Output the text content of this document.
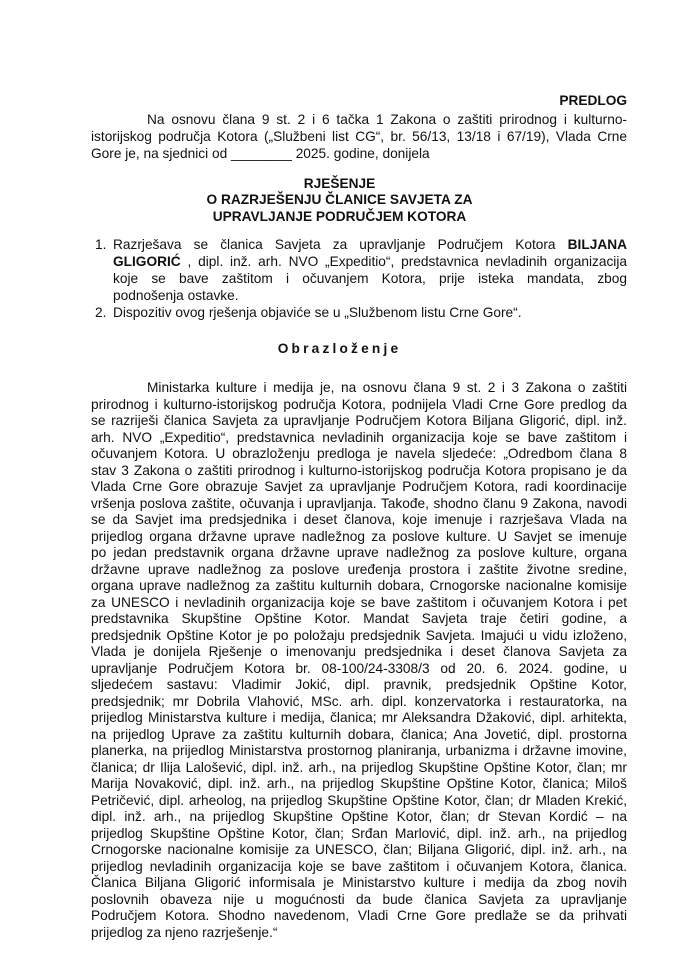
PREDLOG
Na osnovu člana 9 st. 2 i 6 tačka 1 Zakona o zaštiti prirodnog i kulturno-
istorijskog područja Kotora („Službeni list CG“, br. 56/13, 13/18 i 67/19), Vlada Crne
Gore je, na sjednici od ________ 2025. godine, donijela
RJEŠENJE
O RAZRJEŠENJU ČLANICE SAVJETA ZA
UPRAVLJANJE PODRUČJEM KOTORA
1. Razrješava se članica Savjeta za upravljanje Područjem Kotora BILJANA
GLIGORIĆ , dipl. inž. arh. NVO „Expeditio“, predstavnica nevladinih organizacija
koje se bave zaštitom i očuvanjem Kotora, prije isteka mandata, zbog
podnošenja ostavke.
2. Dispozitiv ovog rješenja objaviće se u „Službenom listu Crne Gore“.
Obrazloženje
Ministarka kulture i medija je, na osnovu člana 9 st. 2 i 3 Zakona o zaštiti
prirodnog i kulturno-istorijskog područja Kotora, podnijela Vladi Crne Gore predlog da
se razriješi članica Savjeta za upravljanje Područjem Kotora Biljana Gligorić, dipl. inž.
arh. NVO „Expeditio“, predstavnica nevladinih organizacija koje se bave zaštitom i
očuvanjem Kotora. U obrazloženju predloga je navela sljedeće: „Odredbom člana 8
stav 3 Zakona o zaštiti prirodnog i kulturno-istorijskog područja Kotora propisano je da
Vlada Crne Gore obrazuje Savjet za upravljanje Područjem Kotora, radi koordinacije
vršenja poslova zaštite, očuvanja i upravljanja. Takođe, shodno članu 9 Zakona, navodi
se da Savjet ima predsjednika i deset članova, koje imenuje i razrješava Vlada na
prijedlog organa državne uprave nadležnog za poslove kulture. U Savjet se imenuje
po jedan predstavnik organa državne uprave nadležnog za poslove kulture, organa
državne uprave nadležnog za poslove uređenja prostora i zaštite životne sredine,
organa uprave nadležnog za zaštitu kulturnih dobara, Crnogorske nacionalne komisije
za UNESCO i nevladinih organizacija koje se bave zaštitom i očuvanjem Kotora i pet
predstavnika Skupštine Opštine Kotor. Mandat Savjeta traje četiri godine, a
predsjednik Opštine Kotor je po položaju predsjednik Savjeta. Imajući u vidu izloženo,
Vlada je donijela Rješenje o imenovanju predsjednika i deset članova Savjeta za
upravljanje Područjem Kotora br. 08-100/24-3308/3 od 20. 6. 2024. godine, u
sljedećem sastavu: Vladimir Jokić, dipl. pravnik, predsjednik Opštine Kotor,
predsjednik; mr Dobrila Vlahović, MSc. arh. dipl. konzervatorka i restauratorka, na
prijedlog Ministarstva kulture i medija, članica; mr Aleksandra Džaković, dipl. arhitekta,
na prijedlog Uprave za zaštitu kulturnih dobara, članica; Ana Jovetić, dipl. prostorna
planerka, na prijedlog Ministarstva prostornog planiranja, urbanizma i državne imovine,
članica; dr Ilija Lalošević, dipl. inž. arh., na prijedlog Skupštine Opštine Kotor, član; mr
Marija Novaković, dipl. inž. arh., na prijedlog Skupštine Opštine Kotor, članica; Miloš
Petričević, dipl. arheolog, na prijedlog Skupštine Opštine Kotor, član; dr Mladen Krekić,
dipl. inž. arh., na prijedlog Skupštine Opštine Kotor, član; dr Stevan Kordić – na
prijedlog Skupštine Opštine Kotor, član; Srđan Marlović, dipl. inž. arh., na prijedlog
Crnogorske nacionalne komisije za UNESCO, član; Biljana Gligorić, dipl. inž. arh., na
prijedlog nevladinih organizacija koje se bave zaštitom i očuvanjem Kotora, članica.
Članica Biljana Gligorić informisala je Ministarstvo kulture i medija da zbog novih
poslovnih obaveza nije u mogućnosti da bude članica Savjeta za upravljanje
Područjem Kotora. Shodno navedenom, Vladi Crne Gore predlaže se da prihvati
prijedlog za njeno razrješenje.“
